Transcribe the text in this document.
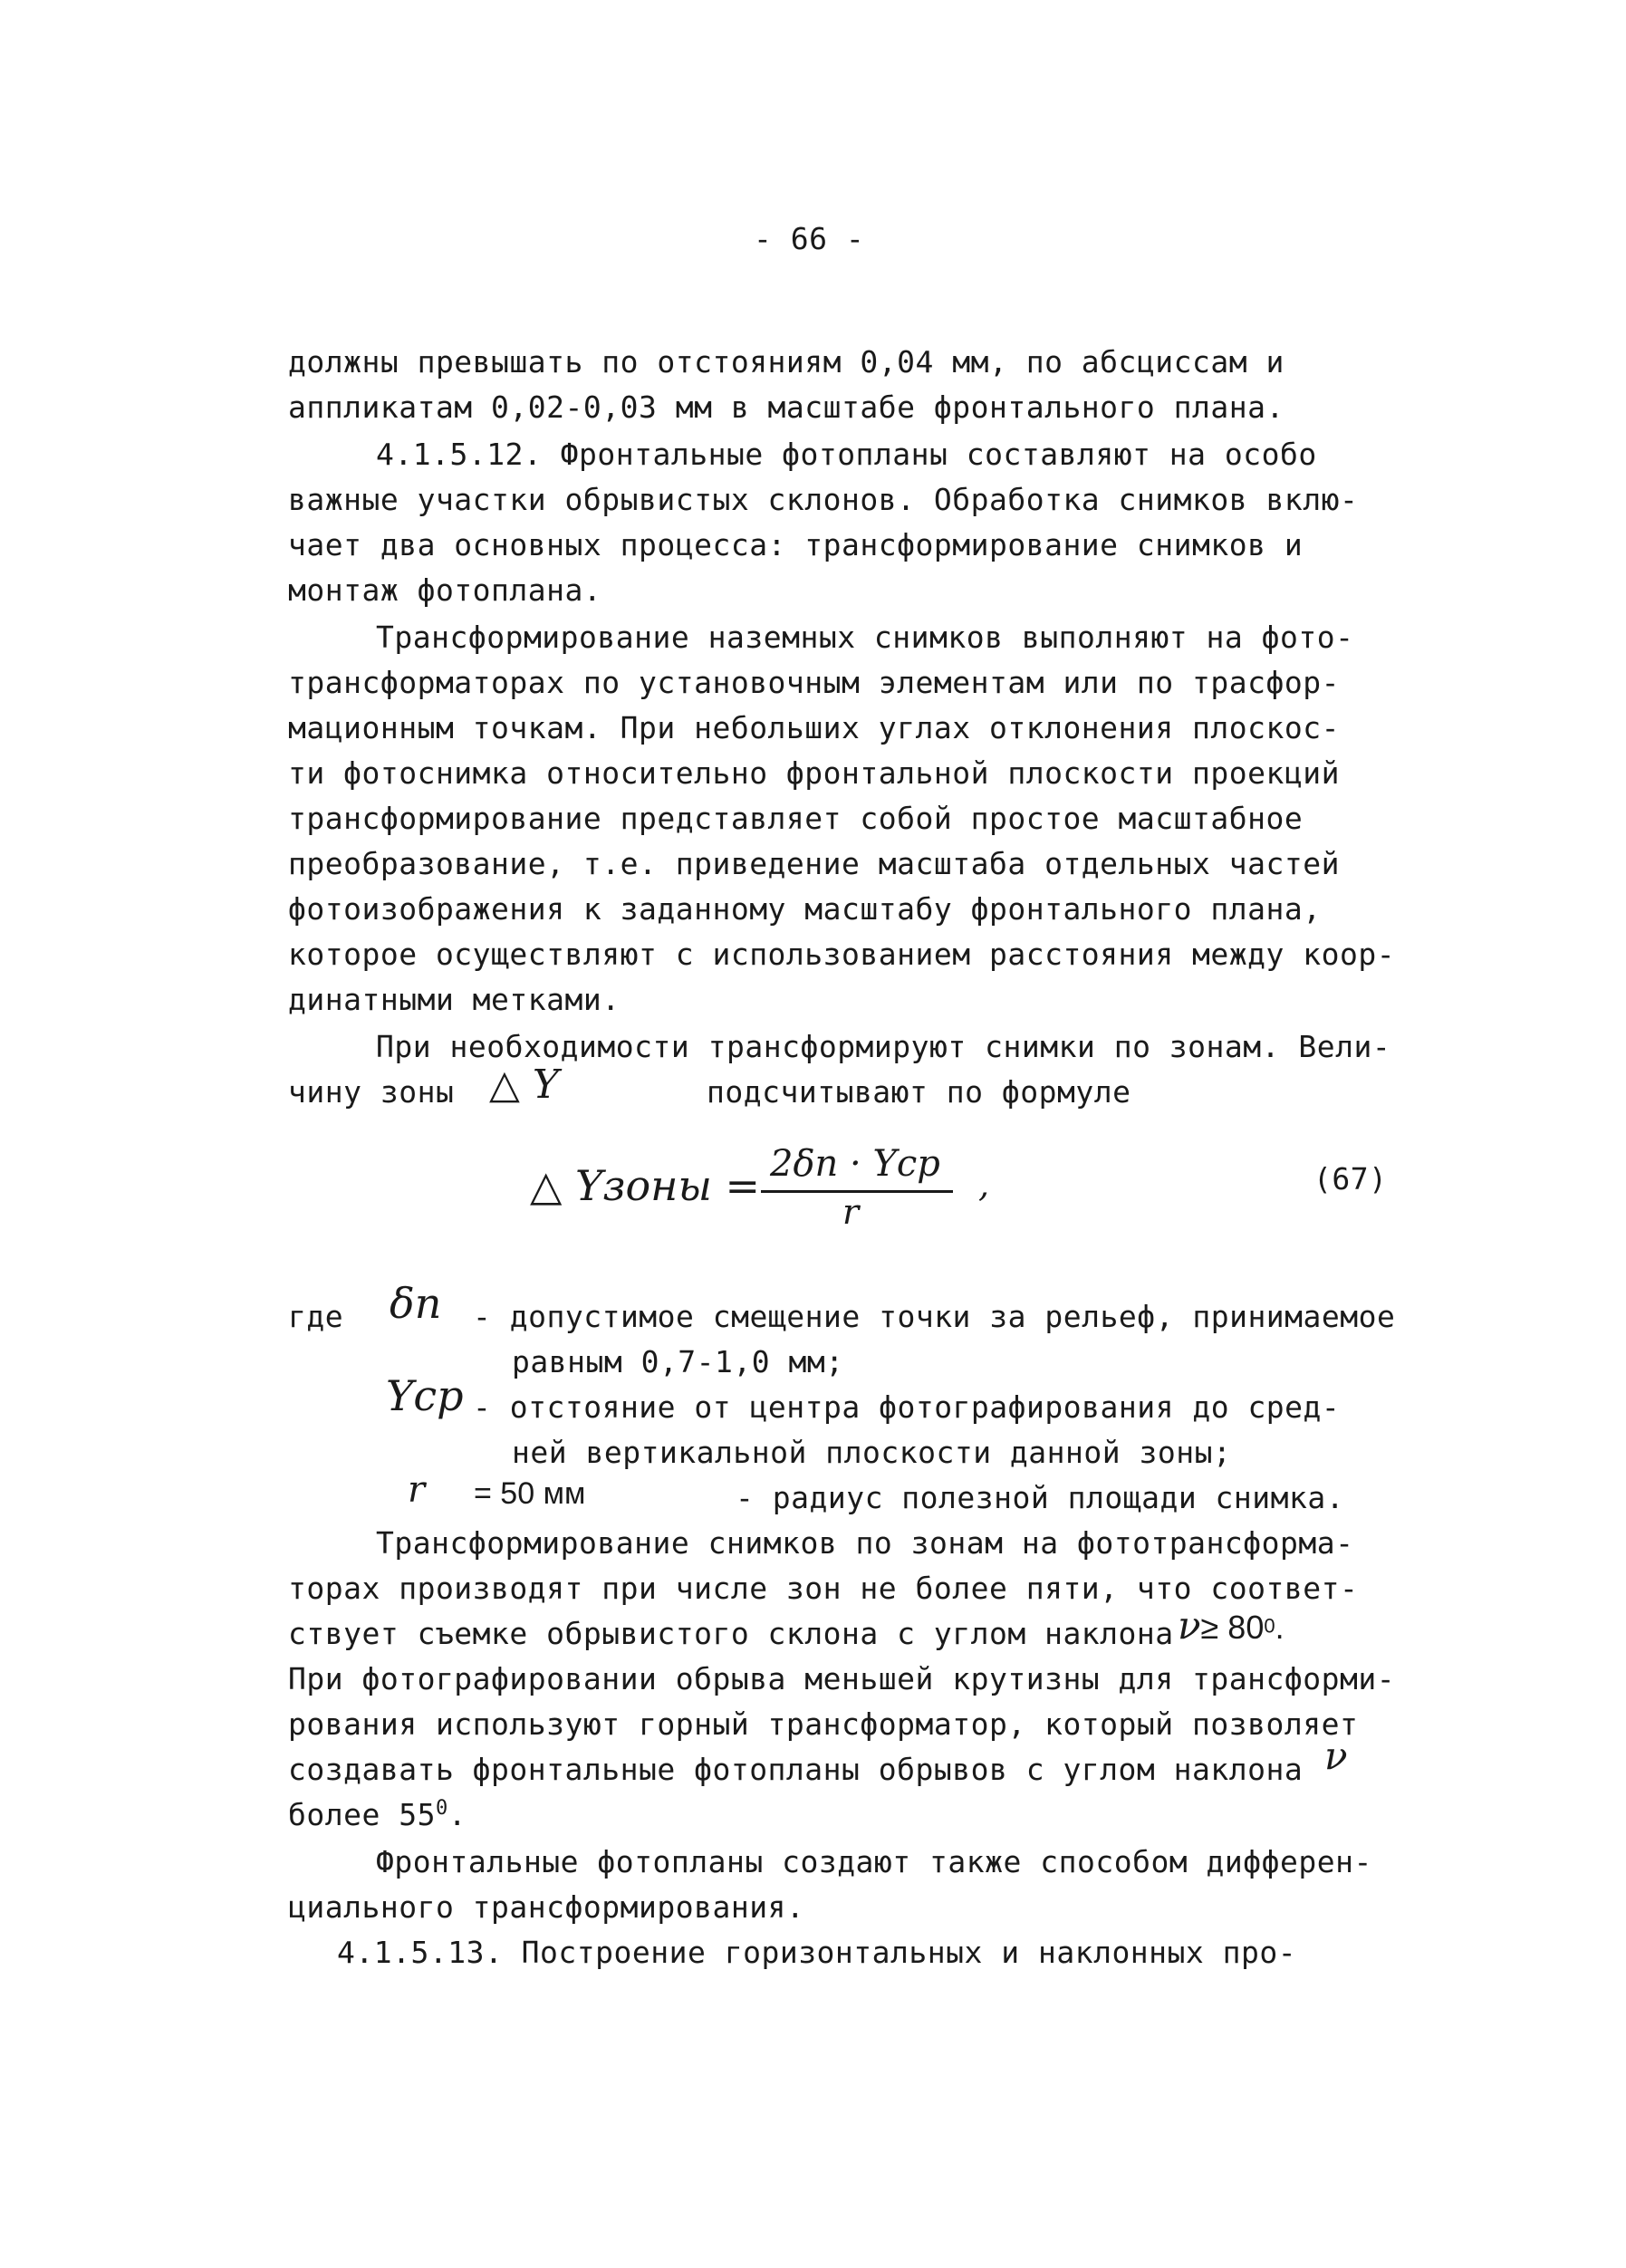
- 66 -
должны превышать по отстояниям 0,04 мм, по абсциссам и
аппликатам 0,02-0,03 мм в масштабе фронтального плана.
4.1.5.12. Фронтальные фотопланы составляют на особо
важные участки обрывистых склонов. Обработка снимков вклю-
чает два основных процесса: трансформирование снимков и
монтаж фотоплана.
Трансформирование наземных снимков выполняют на фото-
трансформаторах по установочным элементам или по трасфор-
мационным точкам. При небольших углах отклонения плоскос-
ти фотоснимка относительно фронтальной плоскости проекций
трансформирование представляет собой простое масштабное
преобразование, т.е. приведение масштаба отдельных частей
фотоизображения к заданному масштабу фронтального плана,
которое осуществляют с использованием расстояния между коор-
динатными метками.
При необходимости трансформируют снимки по зонам. Вели-
чину зоны △ Y	подсчитывают по формуле
△ Yзоны = 2δn · Ycp
r
,	(67)
где δn - допустимое смещение точки за рельеф, принимаемое
равным 0,7-1,0 мм;
Ycp - отстояние от центра фотографирования до сред-
ней вертикальной плоскости данной зоны;
r = 50 мм	- радиус полезной площади снимка.
Трансформирование снимков по зонам на фототрансформа-
торах производят при числе зон не более пяти, что соответ-
ствует съемке обрывистого склона с углом наклона $\nu\ge 80^0$.
При фотографировании обрыва меньшей крутизны для трансформи-
рования используют горный трансформатор, который позволяет
создавать фронтальные фотопланы обрывов с углом наклона ν
более $55^0$.
Фронтальные фотопланы создают также способом дифферен-
циального трансформирования.
4.1.5.13. Построение горизонтальных и наклонных про-
